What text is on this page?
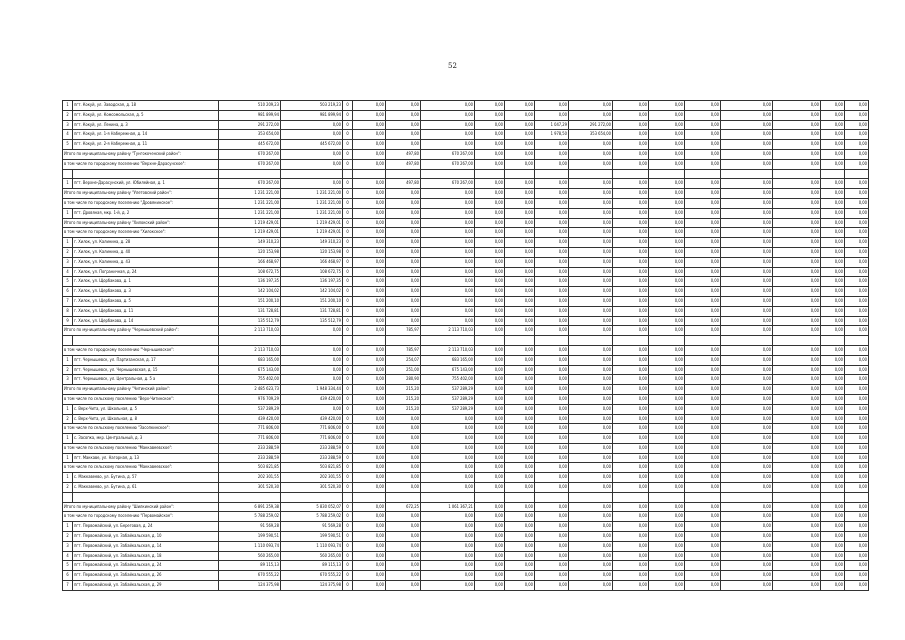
52
1	пгт. Кокуй, ул. Заводская, д. 18	510 209,23	503 219,23	0	0,00	0,00	0,00	0,00	0,00	0,00	0,00	0,00	0,00	0,00	0,00	0,00	0,00	0,00
2	пгт. Кокуй, ул. Комсомольская, д. 5	981 899,94	981 899,94	0	0,00	0,00	0,00	0,00	0,00	0,00	0,00	0,00	0,00	0,00	0,00	0,00	0,00	0,00
3	пгт. Кокуй, ул. Ленина, д. 3	291 272,00	0,00	0	0,00	0,00	0,00	0,00	0,00	1 047,29	291 272,00	0,00	0,00	0,00	0,00	0,00	0,00	0,00
4	пгт. Кокуй, ул. 1-я Набережная, д. 14	353 654,00	0,00	0	0,00	0,00	0,00	0,00	0,00	1 978,50	353 654,00	0,00	0,00	0,00	0,00	0,00	0,00	0,00
5	пгт. Кокуй, ул. 2-я Набережная, д. 11	445 672,00	445 672,00	0	0,00	0,00	0,00	0,00	0,00	0,00	0,00	0,00	0,00	0,00	0,00	0,00	0,00	0,00
Итого по муниципальному району "Тунгокоченский район":		670 267,00	0,00	0	0,00	497,80	670 267,00	0,00	0,00	0,00	0,00	0,00	0,00	0,00	0,00	0,00	0,00	0,00
в том числе по городскому поселению "Верхне-Дарасунское":		670 267,00	0,00	0	0,00	497,80	670 267,00	0,00	0,00	0,00	0,00	0,00	0,00	0,00	0,00	0,00	0,00	0,00

1	пгт. Верхне-Дарасунский, ул. Юбилейная, д. 1	670 267,00	0,00	0	0,00	497,80	670 267,00	0,00	0,00	0,00	0,00	0,00	0,00	0,00	0,00	0,00	0,00	0,00
Итого по муниципальному району "Улетовский район":		1 231 221,00	1 231 221,00	0	0,00	0,00	0,00	0,00	0,00	0,00	0,00	0,00	0,00	0,00	0,00	0,00	0,00	0,00
в том числе по городскому поселению "Дровянинское":		1 231 221,00	1 231 221,00	0	0,00	0,00	0,00	0,00	0,00	0,00	0,00	0,00	0,00	0,00	0,00	0,00	0,00	0,00
1	пгт. Дровяная, мкр. 1-й, д. 2	1 231 221,00	1 231 221,00	0	0,00	0,00	0,00	0,00	0,00	0,00	0,00	0,00	0,00	0,00	0,00	0,00	0,00	0,00
Итого по муниципальному району "Хилокский район":		1 219 429,01	1 219 429,01	0	0,00	0,00	0,00	0,00	0,00	0,00	0,00	0,00	0,00	0,00	0,00	0,00	0,00	0,00
в том числе по городскому поселению "Хилокское":		1 219 429,01	1 219 429,01	0	0,00	0,00	0,00	0,00	0,00	0,00	0,00	0,00	0,00	0,00	0,00	0,00	0,00	0,00
1	г. Хилок, ул. Калинина, д. 28	149 310,23	149 310,23	0	0,00	0,00	0,00	0,00	0,00	0,00	0,00	0,00	0,00	0,00	0,00	0,00	0,00	0,00
2	г. Хилок, ул. Калинина, д. 40	120 153,98	120 153,98	0	0,00	0,00	0,00	0,00	0,00	0,00	0,00	0,00	0,00	0,00	0,00	0,00	0,00	0,00
3	г. Хилок, ул. Калинина, д. 43	166 468,97	166 468,97	0	0,00	0,00	0,00	0,00	0,00	0,00	0,00	0,00	0,00	0,00	0,00	0,00	0,00	0,00
4	г. Хилок, ул. Пограничная, д. 24	108 672,75	108 672,75	0	0,00	0,00	0,00	0,00	0,00	0,00	0,00	0,00	0,00	0,00	0,00	0,00	0,00	0,00
5	г. Хилок, ул. Щорбакова, д. 1	136 197,35	136 197,35	0	0,00	0,00	0,00	0,00	0,00	0,00	0,00	0,00	0,00	0,00	0,00	0,00	0,00	0,00
6	г. Хилок, ул. Щербакова, д. 3	142 104,02	142 104,02	0	0,00	0,00	0,00	0,00	0,00	0,00	0,00	0,00	0,00	0,00	0,00	0,00	0,00	0,00
7	г. Хилок, ул. Щербакова, д. 5	151 200,10	151 200,10	0	0,00	0,00	0,00	0,00	0,00	0,00	0,00	0,00	0,00	0,00	0,00	0,00	0,00	0,00
8	г. Хилок, ул. Щербакова, д. 11	131 728,81	131 728,81	0	0,00	0,00	0,00	0,00	0,00	0,00	0,00	0,00	0,00	0,00	0,00	0,00	0,00	0,00
9	г. Хилок, ул. Щербакова, д. 14	135 512,79	135 512,79	0	0,00	0,00	0,00	0,00	0,00	0,00	0,00	0,00	0,00	0,00	0,00	0,00	0,00	0,00
Итого по муниципальному району "Чернышевский район":		2 113 710,03	0,00	0	0,00	785,97	2 113 710,03	0,00	0,00	0,00	0,00	0,00	0,00	0,00	0,00	0,00	0,00	0,00

в том числе по городскому поселению "Чернышевское":		2 113 710,03	0,00	0	0,00	785,97	2 113 710,03	0,00	0,00	0,00	0,00	0,00	0,00	0,00	0,00	0,00	0,00	0,00
1	пгт. Чернышевск, ул. Партизанская, д. 17	683 165,00	0,00	0	0,00	254,07	683 165,00	0,00	0,00	0,00	0,00	0,00	0,00	0,00	0,00	0,00	0,00	0,00
2	пгт. Чернышевск, ул. Чернышевская, д. 15	675 143,00	0,00	0	0,00	251,00	675 143,00	0,00	0,00	0,00	0,00	0,00	0,00	0,00	0,00	0,00	0,00	0,00
3	пгт. Чернышевск, ул. Центральная, д. 5 а	755 402,00	0,00	0	0,00	280,90	755 402,00	0,00	0,00	0,00	0,00	0,00	0,00	0,00	0,00	0,00	0,00	0,00
Итого по муниципальному району "Читинский район":		2 485 623,73	1 948 334,44	0	0,00	215,20	537 289,29	0,00	0,00	0,00	0,00	0,00	0,00	0,00	0,00	0,00	0,00	0,00
в том числе по сельскому поселению "Верх-Читинское":		976 709,29	439 420,00	0	0,00	215,20	537 289,29	0,00	0,00	0,00	0,00	0,00	0,00	0,00	0,00	0,00	0,00	0,00
1	с. Верх-Чита, ул. Школьная, д. 5	537 289,29	0,00	0	0,00	215,20	537 289,29	0,00	0,00	0,00	0,00	0,00	0,00	0,00	0,00	0,00	0,00	0,00
2	с. Верх-Чита, ул. Школьная, д. 8	439 420,00	439 420,00	0	0,00	0,00	0,00	0,00	0,00	0,00	0,00	0,00	0,00	0,00	0,00	0,00	0,00	0,00
в том числе по сельскому поселению "Засопкинское":		771 806,00	771 806,00	0	0,00	0,00	0,00	0,00	0,00	0,00	0,00	0,00	0,00	0,00	0,00	0,00	0,00	0,00
1	с. Засопка, мкр. Центральный, д. 3	771 806,00	771 806,00	0	0,00	0,00	0,00	0,00	0,00	0,00	0,00	0,00	0,00	0,00	0,00	0,00	0,00	0,00
в том числе по сельскому поселению "Маккавеевское":		233 288,59	233 288,59	0	0,00	0,00	0,00	0,00	0,00	0,00	0,00	0,00	0,00	0,00	0,00	0,00	0,00	0,00
1	пгт. Маккаве, ул. Нагорная, д. 13	233 288,59	233 288,59	0	0,00	0,00	0,00	0,00	0,00	0,00	0,00	0,00	0,00	0,00	0,00	0,00	0,00	0,00
в том числе по сельскому поселению "Маккавеевское":		503 821,85	503 821,85	0	0,00	0,00	0,00	0,00	0,00	0,00	0,00	0,00	0,00	0,00	0,00	0,00	0,00	0,00
1	с. Маккавеево, ул. Бутина, д. 57	202 301,55	202 301,55	0	0,00	0,00	0,00	0,00	0,00	0,00	0,00	0,00	0,00	0,00	0,00	0,00	0,00	0,00
2	с. Маккавеево, ул. Бутина, д. 61	301 520,30	301 520,30	0	0,00	0,00	0,00	0,00	0,00	0,00	0,00	0,00	0,00	0,00	0,00	0,00	0,00	0,00

Итого по муниципальному району "Шилкинский район":		6 891 259,38	5 830 052,07	0	0,00	672,25	1 061 367,21	0,00	0,00	0,00	0,00	0,00	0,00	0,00	0,00	0,00	0,00	0,00
в том числе по городскому поселению "Первомайское":		5 788 259,02	5 788 259,02	0	0,00	0,00	0,00	0,00	0,00	0,00	0,00	0,00	0,00	0,00	0,00	0,00	0,00	0,00
1	пгт. Первомайский, ул. Береговая, д. 24	91 569,28	91 569,28	0	0,00	0,00	0,00	0,00	0,00	0,00	0,00	0,00	0,00	0,00	0,00	0,00	0,00	0,00
2	пгт. Первомайский, ул. Забайкальская, д. 10	199 590,51	199 590,51	0	0,00	0,00	0,00	0,00	0,00	0,00	0,00	0,00	0,00	0,00	0,00	0,00	0,00	0,00
3	пгт. Первомайский, ул. Забайкальская, д. 14	1 110 093,74	1 110 093,74	0	0,00	0,00	0,00	0,00	0,00	0,00	0,00	0,00	0,00	0,00	0,00	0,00	0,00	0,00
4	пгт. Первомайский, ул. Забайкальская, д. 18	560 265,00	560 265,00	0	0,00	0,00	0,00	0,00	0,00	0,00	0,00	0,00	0,00	0,00	0,00	0,00	0,00	0,00
5	пгт. Первомайский, ул. Забайкальская, д. 24	89 115,13	89 115,13	0	0,00	0,00	0,00	0,00	0,00	0,00	0,00	0,00	0,00	0,00	0,00	0,00	0,00	0,00
6	пгт. Первомайский, ул. Забайкальская, д. 26	670 555,22	670 555,22	0	0,00	0,00	0,00	0,00	0,00	0,00	0,00	0,00	0,00	0,00	0,00	0,00	0,00	0,00
7	пгт. Первомайский, ул. Забайкальская, д. 29	124 375,98	124 375,98	0	0,00	0,00	0,00	0,00	0,00	0,00	0,00	0,00	0,00	0,00	0,00	0,00	0,00	0,00
